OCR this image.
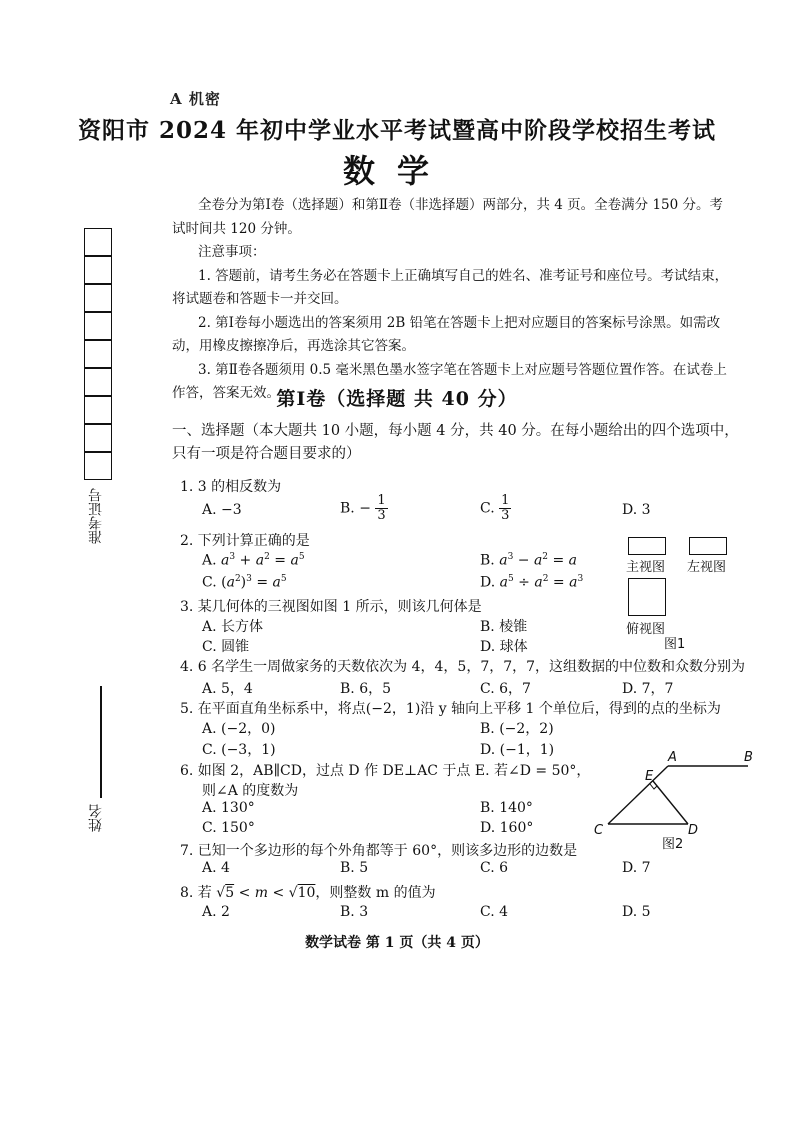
准考证号
姓名
A 机密
资阳市 2024 年初中学业水平考试暨高中阶段学校招生考试
数学

全卷分为第Ⅰ卷（选择题）和第Ⅱ卷（非选择题）两部分，共 4 页。全卷满分 150 分。考试时间共 120 分钟。

注意事项：

1. 答题前，请考生务必在答题卡上正确填写自己的姓名、准考证号和座位号。考试结束，将试题卷和答题卡一并交回。

2. 第Ⅰ卷每小题选出的答案须用 2B 铅笔在答题卡上把对应题目的答案标号涂黑。如需改动，用橡皮擦擦净后，再选涂其它答案。

3. 第Ⅱ卷各题须用 0.5 毫米黑色墨水签字笔在答题卡上对应题号答题位置作答。在试卷上作答，答案无效。

第Ⅰ卷（选择题 共 40 分）
一、选择题（本大题共 10 小题，每小题 4 分，共 40 分。在每小题给出的四个选项中，只有一项是符合题目要求的）
1. 3 的相反数为
A. −3	B. − $\frac{1}{3}$	C. $\frac{1}{3}$	D. 3
2. 下列计算正确的是
A. $a^3 + a^2 = a^5$	B. $a^3 - a^2 = a$
C. $(a^2)^3 = a^5$	D. $a^5 \div a^2 = a^3$
主视图 左视图
俯视图
图1
3. 某几何体的三视图如图 1 所示，则该几何体是
A. 长方体	B. 棱锥
C. 圆锥	D. 球体
4. 6 名学生一周做家务的天数依次为 4，4，5，7，7，7，这组数据的中位数和众数分别为
A. 5，4	B. 6，5	C. 6，7	D. 7，7
5. 在平面直角坐标系中，将点(−2，1)沿 y 轴向上平移 1 个单位后，得到的点的坐标为
A. (−2，0)	B. (−2，2)
C. (−3，1)	D. (−1，1)
6. 如图 2，AB∥CD，过点 D 作 DE⊥AC 于点 E. 若∠D = 50°，
则∠A 的度数为
A. 130°	B. 140°
C. 150°	D. 160°
A	B
E
C	D
图2
7. 已知一个多边形的每个外角都等于 60°，则该多边形的边数是
A. 4	B. 5	C. 6	D. 7
8. 若 √5 < m < √10，则整数 m 的值为
A. 2	B. 3	C. 4	D. 5
数学试卷 第 1 页（共 4 页）
